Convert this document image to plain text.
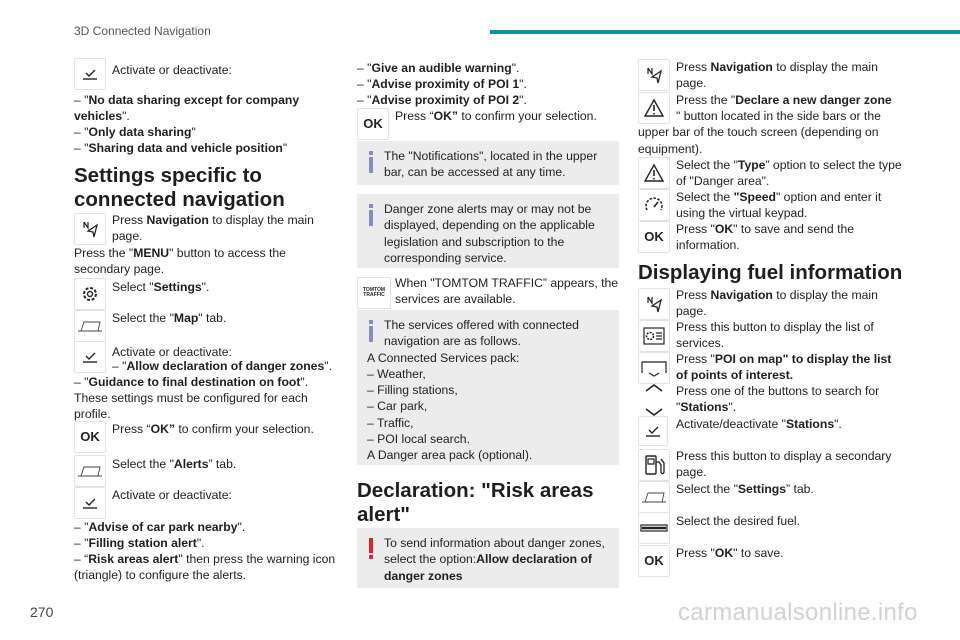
3D Connected Navigation
Activate or deactivate:
– "No data sharing except for company vehicles".
– "Only data sharing"
– "Sharing data and vehicle position"
Settings specific to connected navigation
Press Navigation to display the main page.
Press the "MENU" button to access the secondary page.
Select "Settings".
Select the "Map" tab.
Activate or deactivate:
– "Allow declaration of danger zones".
– "Guidance to final destination on foot".
These settings must be configured for each profile.
OK Press “OK” to confirm your selection.
Select the "Alerts” tab.
Activate or deactivate:
– "Advise of car park nearby".
– "Filling station alert".
– “Risk areas alert" then press the warning icon (triangle) to configure the alerts.
– "Give an audible warning".
– "Advise proximity of POI 1".
– "Advise proximity of POI 2".
OK Press “OK” to confirm your selection.
The "Notifications", located in the upper bar, can be accessed at any time.
Danger zone alerts may or may not be displayed, depending on the applicable legislation and subscription to the corresponding service.
TOMTOM
TRAFFIC
When "TOMTOM TRAFFIC” appears, the services are available.
The services offered with connected navigation are as follows.
A Connected Services pack:
– Weather,
– Filling stations,
– Car park,
– Traffic,
– POI local search.
A Danger area pack (optional).
Declaration: "Risk areas alert"
To send information about danger zones, select the option:Allow declaration of danger zones
Press Navigation to display the main page.
Press the "Declare a new danger zone
" button located in the side bars or the upper bar of the touch screen (depending on equipment).
Select the "Type” option to select the type of "Danger area".
Select the "Speed" option and enter it using the virtual keypad.
OK Press "OK" to save and send the information.
Displaying fuel information
Press Navigation to display the main page.
Press this button to display the list of services.
Press "POI on map" to display the list of points of interest.
Press one of the buttons to search for "Stations".
Activate/deactivate "Stations".
Press this button to display a secondary page.
Select the "Settings” tab.
Select the desired fuel.
OK Press "OK" to save.
270	carmanualsonline.info
